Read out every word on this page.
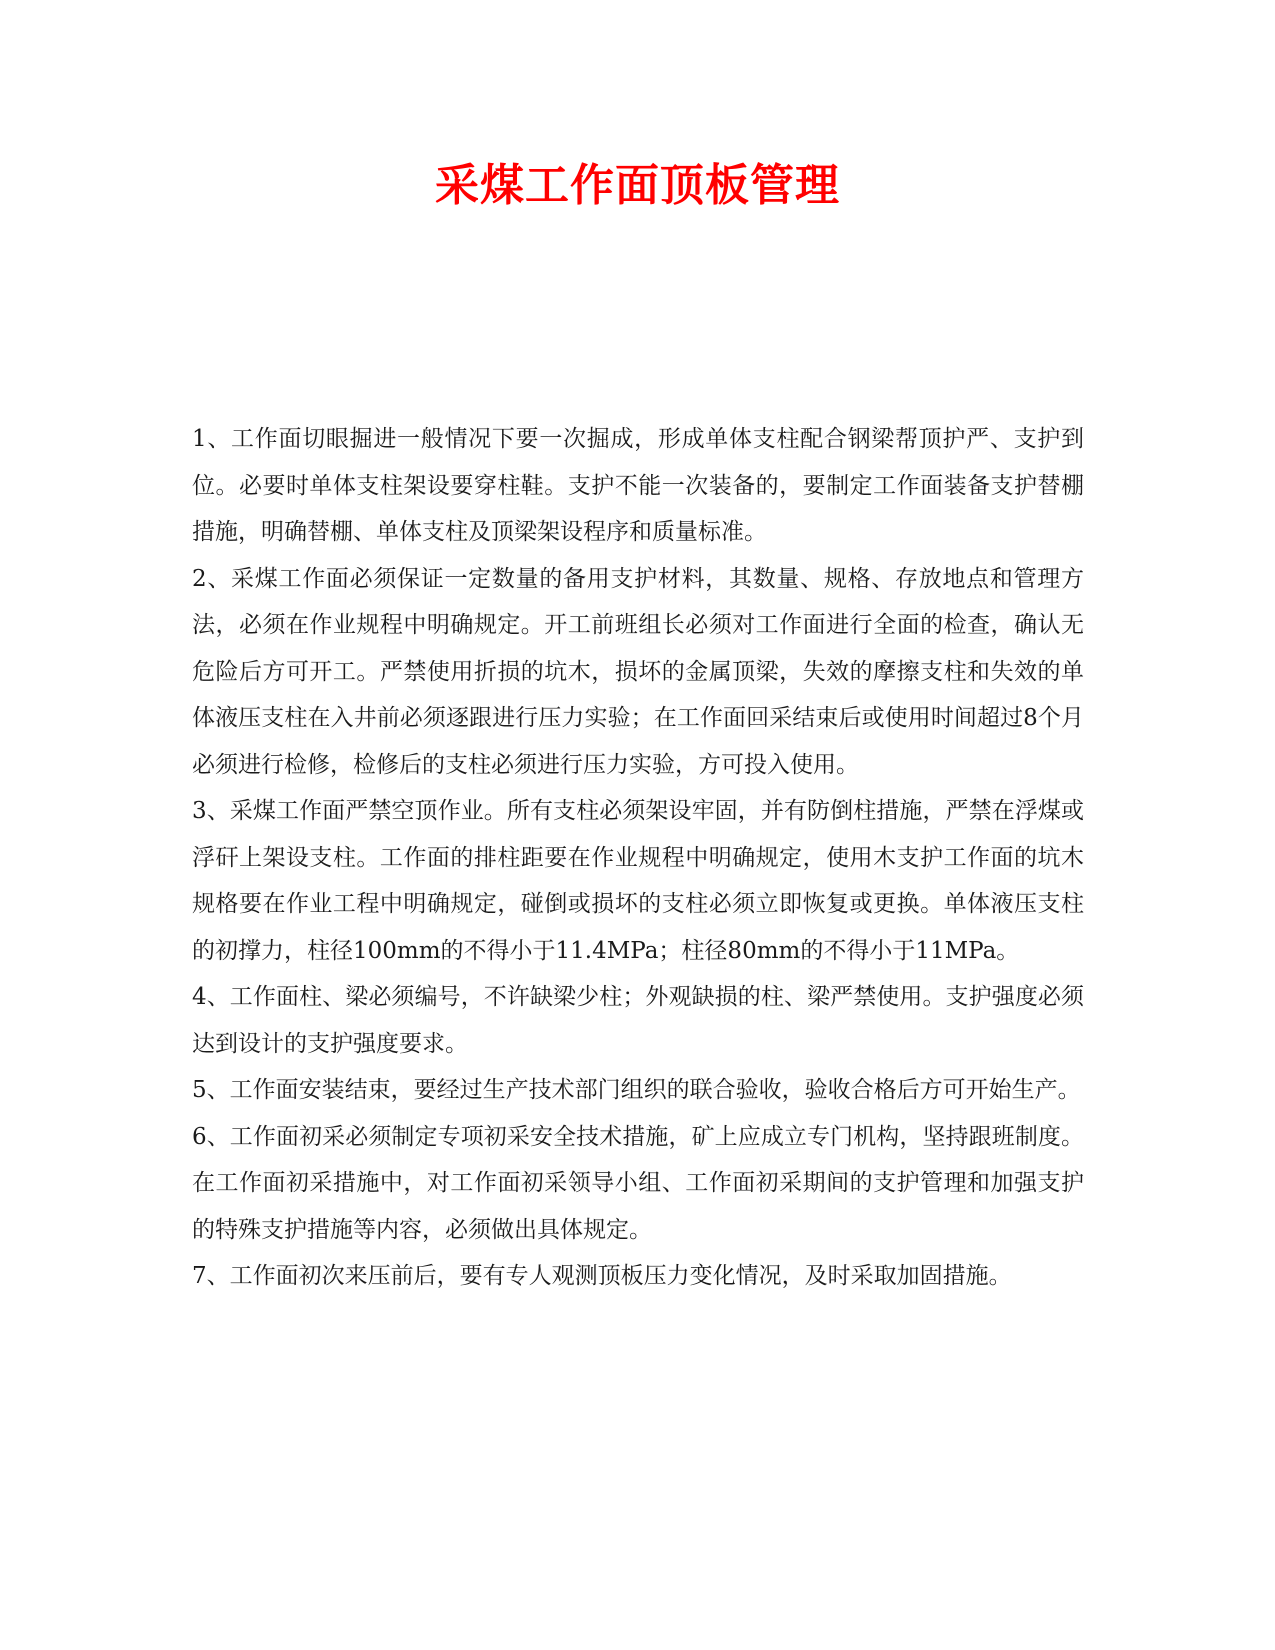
采煤工作面顶板管理

1、工作面切眼掘进一般情况下要一次掘成，形成单体支柱配合钢梁帮顶护严、支护到位。必要时单体支柱架设要穿柱鞋。支护不能一次装备的，要制定工作面装备支护替棚措施，明确替棚、单体支柱及顶梁架设程序和质量标准。

2、采煤工作面必须保证一定数量的备用支护材料，其数量、规格、存放地点和管理方法，必须在作业规程中明确规定。开工前班组长必须对工作面进行全面的检查，确认无危险后方可开工。严禁使用折损的坑木，损坏的金属顶梁，失效的摩擦支柱和失效的单体液压支柱在入井前必须逐跟进行压力实验；在工作面回采结束后或使用时间超过8个月必须进行检修，检修后的支柱必须进行压力实验，方可投入使用。

3、采煤工作面严禁空顶作业。所有支柱必须架设牢固，并有防倒柱措施，严禁在浮煤或浮矸上架设支柱。工作面的排柱距要在作业规程中明确规定，使用木支护工作面的坑木规格要在作业工程中明确规定，碰倒或损坏的支柱必须立即恢复或更换。单体液压支柱的初撑力，柱径100mm的不得小于11.4MPa；柱径80mm的不得小于11MPa。

4、工作面柱、梁必须编号，不许缺梁少柱；外观缺损的柱、梁严禁使用。支护强度必须达到设计的支护强度要求。

5、工作面安装结束，要经过生产技术部门组织的联合验收，验收合格后方可开始生产。

6、工作面初采必须制定专项初采安全技术措施，矿上应成立专门机构，坚持跟班制度。在工作面初采措施中，对工作面初采领导小组、工作面初采期间的支护管理和加强支护的特殊支护措施等内容，必须做出具体规定。

7、工作面初次来压前后，要有专人观测顶板压力变化情况，及时采取加固措施。
